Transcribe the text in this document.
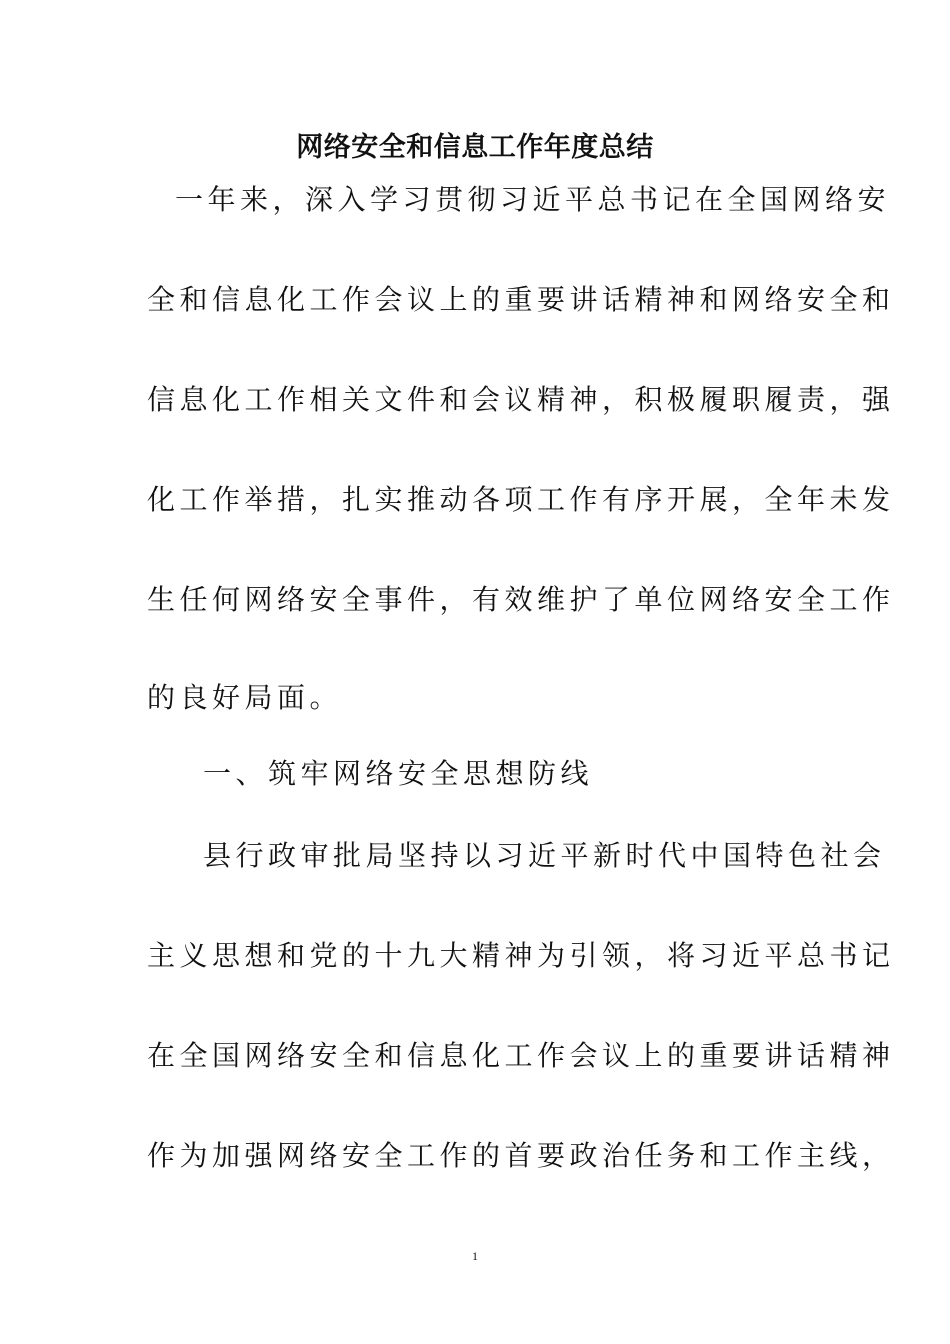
网络安全和信息工作年度总结
一年来，深入学习贯彻习近平总书记在全国网络安
全和信息化工作会议上的重要讲话精神和网络安全和
信息化工作相关文件和会议精神，积极履职履责，强
化工作举措，扎实推动各项工作有序开展，全年未发
生任何网络安全事件，有效维护了单位网络安全工作
的良好局面。
一、筑牢网络安全思想防线
县行政审批局坚持以习近平新时代中国特色社会
主义思想和党的十九大精神为引领，将习近平总书记
在全国网络安全和信息化工作会议上的重要讲话精神
作为加强网络安全工作的首要政治任务和工作主线，
1
